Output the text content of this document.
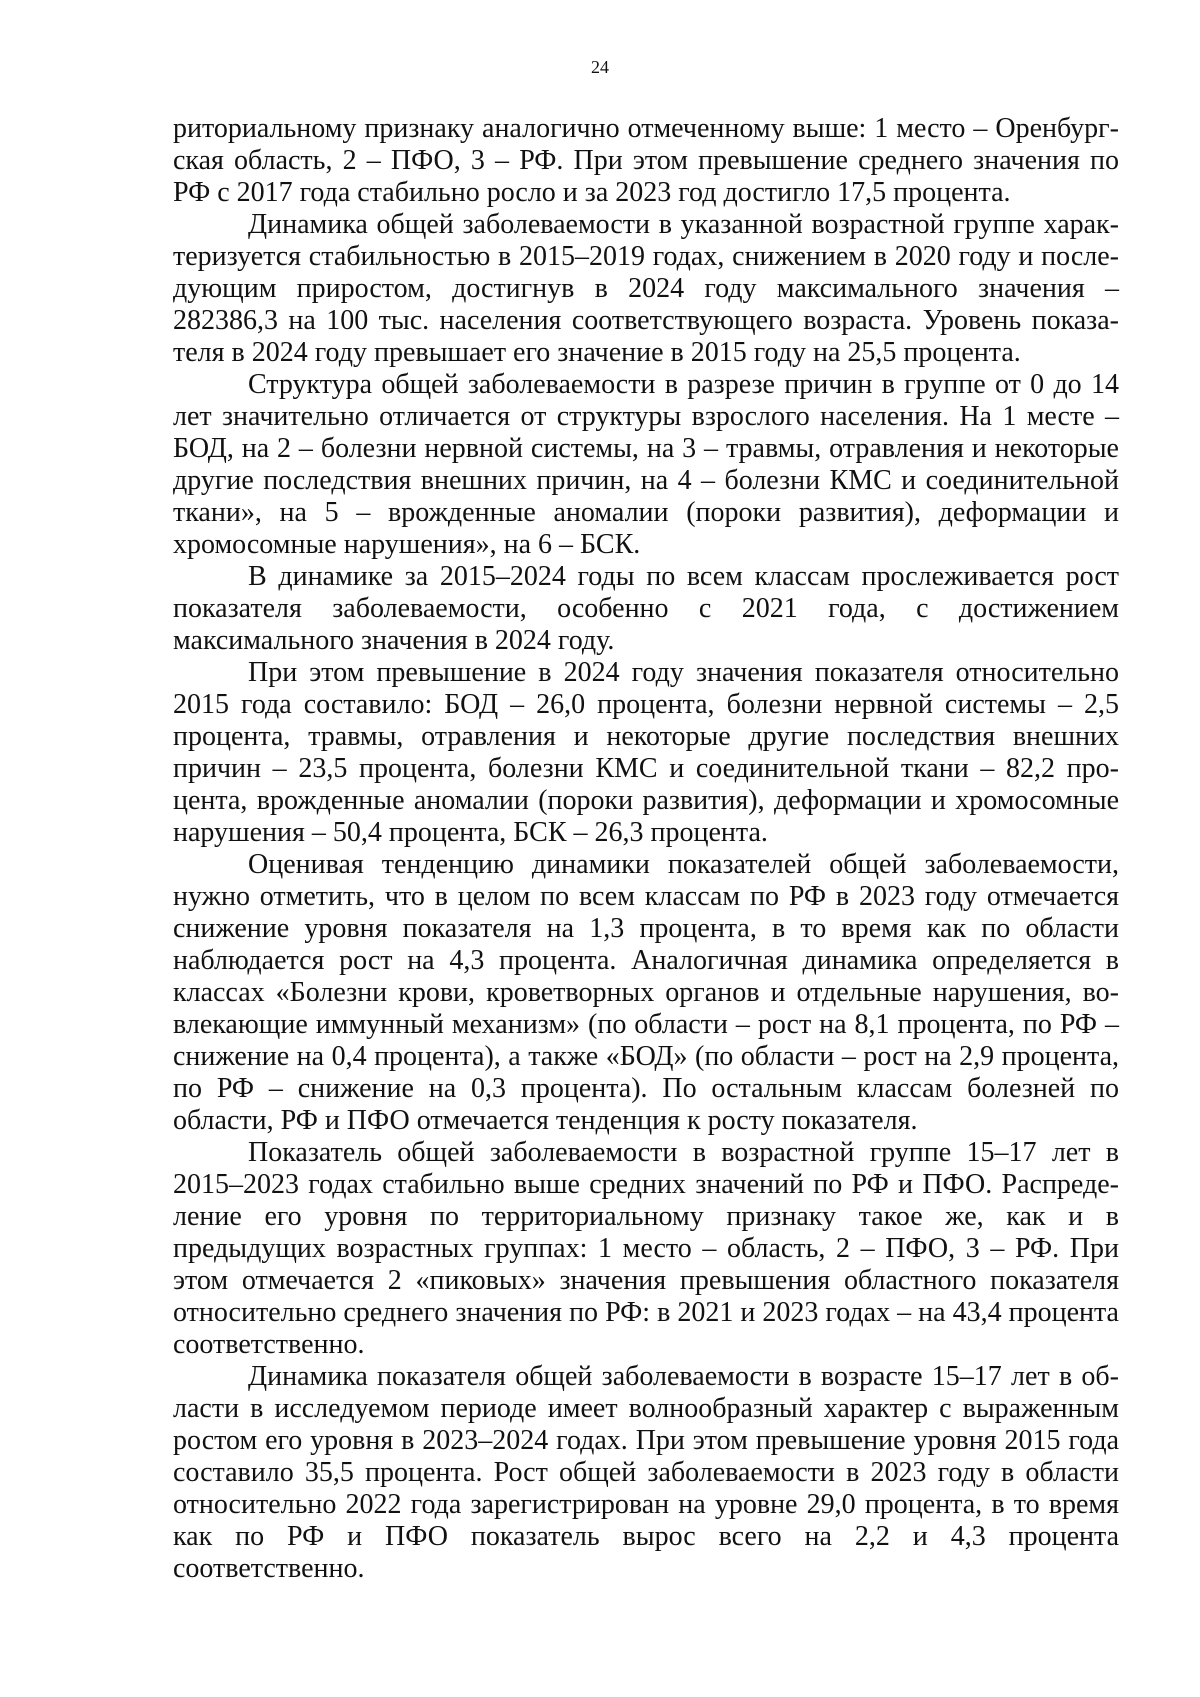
24

риториальному признаку аналогично отмеченному выше: 1 место – Оренбургская область, 2 – ПФО, 3 – РФ. При этом превышение среднего значения по РФ с 2017 года стабильно росло и за 2023 год достигло 17,5 процента.

Динамика общей заболеваемости в указанной возрастной группе характеризуется стабильностью в 2015–2019 годах, снижением в 2020 году и последующим приростом, достигнув в 2024 году максимального значения – 282386,3 на 100 тыс. населения соответствующего возраста. Уровень показателя в 2024 году превышает его значение в 2015 году на 25,5 процента.

Структура общей заболеваемости в разрезе причин в группе от 0 до 14 лет значительно отличается от структуры взрослого населения. На 1 месте – БОД, на 2 – болезни нервной системы, на 3 – травмы, отравления и некоторые другие последствия внешних причин, на 4 – болезни КМС и соединительной ткани», на 5 – врожденные аномалии (пороки развития), деформации и хромосомные нарушения», на 6 – БСК.

В динамике за 2015–2024 годы по всем классам прослеживается рост показателя заболеваемости, особенно с 2021 года, с достижением максимального значения в 2024 году.

При этом превышение в 2024 году значения показателя относительно 2015 года составило: БОД – 26,0 процента, болезни нервной системы – 2,5 процента, травмы, отравления и некоторые другие последствия внешних причин – 23,5 процента, болезни КМС и соединительной ткани – 82,2 процента, врожденные аномалии (пороки развития), деформации и хромосомные нарушения – 50,4 процента, БСК – 26,3 процента.

Оценивая тенденцию динамики показателей общей заболеваемости, нужно отметить, что в целом по всем классам по РФ в 2023 году отмечается снижение уровня показателя на 1,3 процента, в то время как по области наблюдается рост на 4,3 процента. Аналогичная динамика определяется в классах «Болезни крови, кроветворных органов и отдельные нарушения, вовлекающие иммунный механизм» (по области – рост на 8,1 процента, по РФ – снижение на 0,4 процента), а также «БОД» (по области – рост на 2,9 процента, по РФ – снижение на 0,3 процента). По остальным классам болезней по области, РФ и ПФО отмечается тенденция к росту показателя.

Показатель общей заболеваемости в возрастной группе 15–17 лет в 2015–2023 годах стабильно выше средних значений по РФ и ПФО. Распределение его уровня по территориальному признаку такое же, как и в предыдущих возрастных группах: 1 место – область, 2 – ПФО, 3 – РФ. При этом отмечается 2 «пиковых» значения превышения областного показателя относительно среднего значения по РФ: в 2021 и 2023 годах – на 43,4 процента соответственно.

Динамика показателя общей заболеваемости в возрасте 15–17 лет в области в исследуемом периоде имеет волнообразный характер с выраженным ростом его уровня в 2023–2024 годах. При этом превышение уровня 2015 года составило 35,5 процента. Рост общей заболеваемости в 2023 году в области относительно 2022 года зарегистрирован на уровне 29,0 процента, в то время как по РФ и ПФО показатель вырос всего на 2,2 и 4,3 процента соответственно.
